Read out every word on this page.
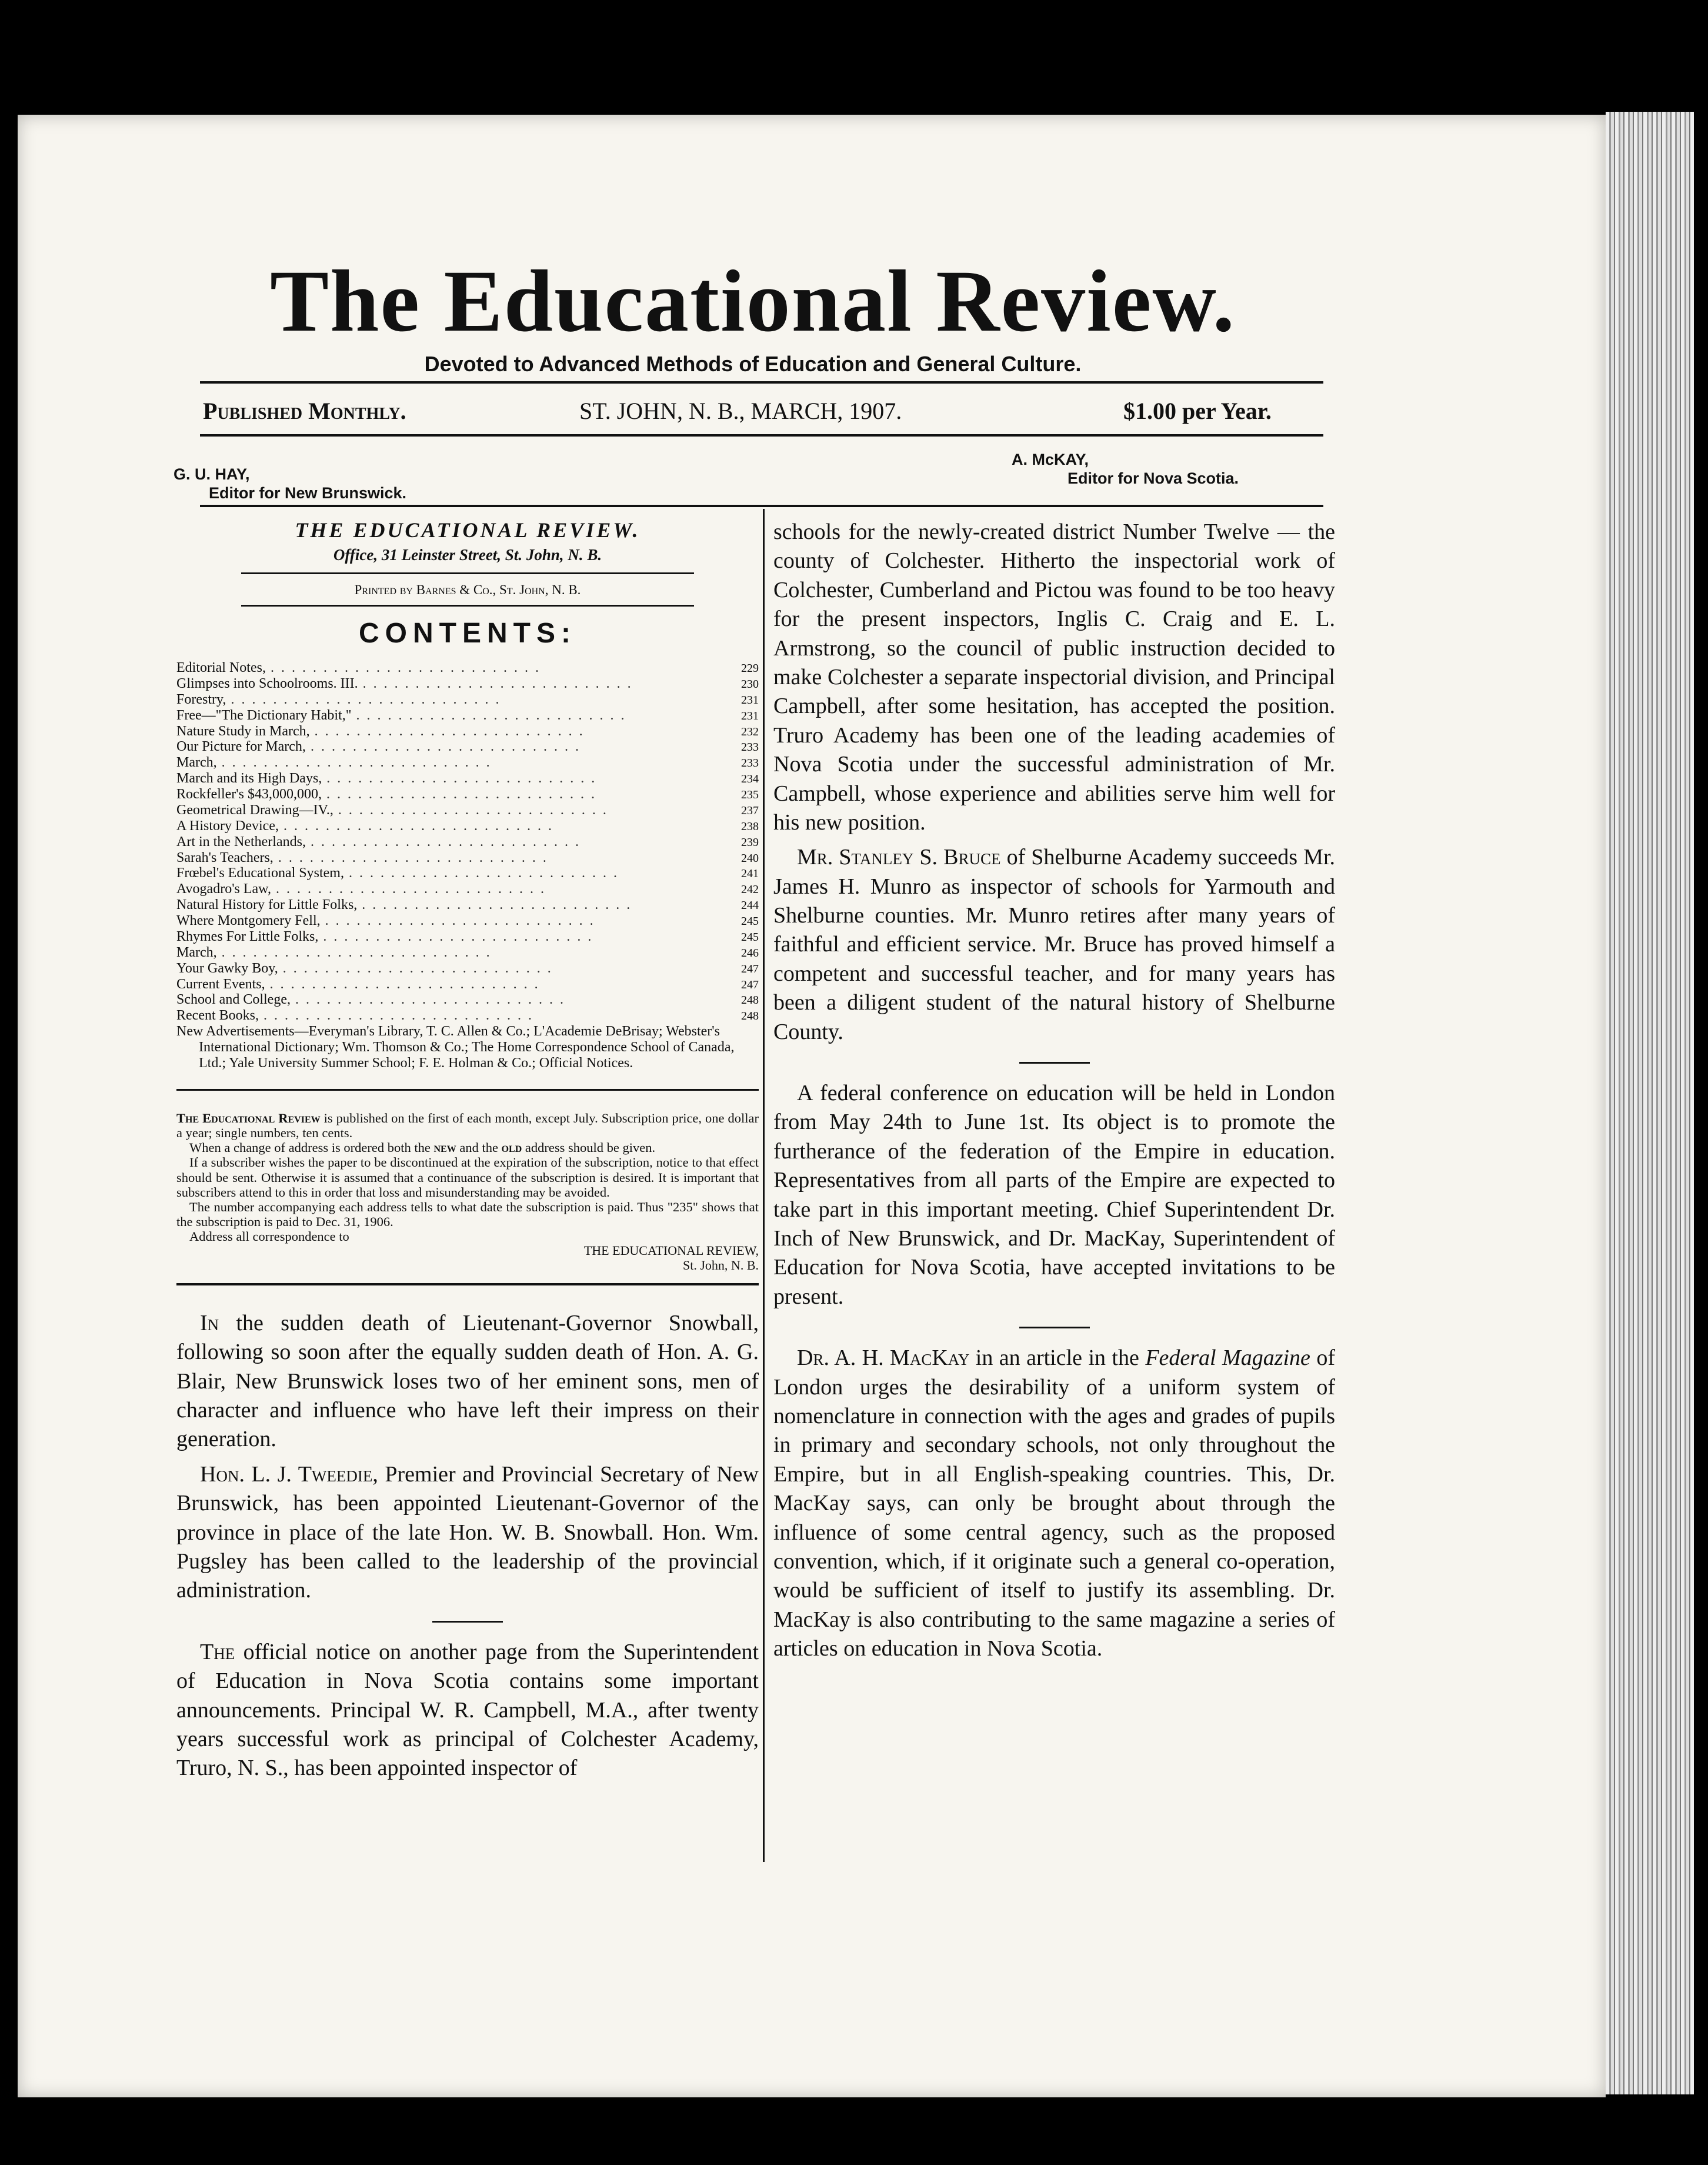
The Educational Review.
Devoted to Advanced Methods of Education and General Culture.
Published Monthly.	ST. JOHN, N. B., MARCH, 1907.	$1.00 per Year.
G. U. HAY,
Editor for New Brunswick.
A. McKAY,
Editor for Nova Scotia.
THE EDUCATIONAL REVIEW.
Office, 31 Leinster Street, St. John, N. B.
Printed by Barnes & Co., St. John, N. B.
CONTENTS:
Editorial Notes, ..........................	229
Glimpses into Schoolrooms. III. ..........................	230
Forestry, ..........................	231
Free—"The Dictionary Habit," ..........................	231
Nature Study in March, ..........................	232
Our Picture for March, ..........................	233
March, ..........................	233
March and its High Days, ..........................	234
Rockfeller's $43,000,000, ..........................	235
Geometrical Drawing—IV., ..........................	237
A History Device, ..........................	238
Art in the Netherlands, ..........................	239
Sarah's Teachers, ..........................	240
Frœbel's Educational System, ..........................	241
Avogadro's Law, ..........................	242
Natural History for Little Folks, ..........................	244
Where Montgomery Fell, ..........................	245
Rhymes For Little Folks, ..........................	245
March, ..........................	246
Your Gawky Boy, ..........................	247
Current Events, ..........................	247
School and College, ..........................	248
Recent Books, ..........................	248
New Advertisements—Everyman's Library, T. C. Allen & Co.; L'Academie DeBrisay; Webster's International Dictionary; Wm. Thomson & Co.; The Home Correspondence School of Canada, Ltd.; Yale University Summer School; F. E. Holman & Co.; Official Notices.

The Educational Review is published on the first of each month, except July. Subscription price, one dollar a year; single numbers, ten cents.

When a change of address is ordered both the new and the old address should be given.

If a subscriber wishes the paper to be discontinued at the expiration of the subscription, notice to that effect should be sent. Otherwise it is assumed that a continuance of the subscription is desired. It is important that subscribers attend to this in order that loss and misunderstanding may be avoided.

The number accompanying each address tells to what date the subscription is paid. Thus "235" shows that the subscription is paid to Dec. 31, 1906.

Address all correspondence to

THE EDUCATIONAL REVIEW,
St. John, N. B.

In the sudden death of Lieutenant-Governor Snowball, following so soon after the equally sudden death of Hon. A. G. Blair, New Brunswick loses two of her eminent sons, men of character and influence who have left their impress on their generation.

Hon. L. J. Tweedie, Premier and Provincial Secretary of New Brunswick, has been appointed Lieutenant-Governor of the province in place of the late Hon. W. B. Snowball. Hon. Wm. Pugsley has been called to the leadership of the provincial administration.

The official notice on another page from the Superintendent of Education in Nova Scotia contains some important announcements. Principal W. R. Campbell, M.A., after twenty years successful work as principal of Colchester Academy, Truro, N. S., has been appointed inspector of

schools for the newly-created district Number Twelve — the county of Colchester. Hitherto the inspectorial work of Colchester, Cumberland and Pictou was found to be too heavy for the present inspectors, Inglis C. Craig and E. L. Armstrong, so the council of public instruction decided to make Colchester a separate inspectorial division, and Principal Campbell, after some hesitation, has accepted the position. Truro Academy has been one of the leading academies of Nova Scotia under the successful administration of Mr. Campbell, whose experience and abilities serve him well for his new position.

Mr. Stanley S. Bruce of Shelburne Academy succeeds Mr. James H. Munro as inspector of schools for Yarmouth and Shelburne counties. Mr. Munro retires after many years of faithful and efficient service. Mr. Bruce has proved himself a competent and successful teacher, and for many years has been a diligent student of the natural history of Shelburne County.

A federal conference on education will be held in London from May 24th to June 1st. Its object is to promote the furtherance of the federation of the Empire in education. Representatives from all parts of the Empire are expected to take part in this important meeting. Chief Superintendent Dr. Inch of New Brunswick, and Dr. MacKay, Superintendent of Education for Nova Scotia, have accepted invitations to be present.

Dr. A. H. MacKay in an article in the Federal Magazine of London urges the desirability of a uniform system of nomenclature in connection with the ages and grades of pupils in primary and secondary schools, not only throughout the Empire, but in all English-speaking countries. This, Dr. MacKay says, can only be brought about through the influence of some central agency, such as the proposed convention, which, if it originate such a general co-operation, would be sufficient of itself to justify its assembling. Dr. MacKay is also contributing to the same magazine a series of articles on education in Nova Scotia.
